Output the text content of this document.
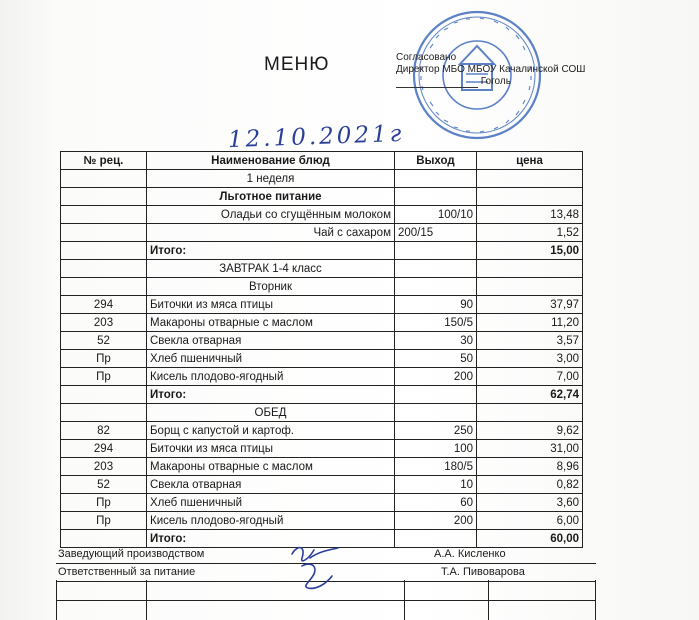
МЕНЮ	Согласовано
Директор МБО МБОУ Качалинской СОШ
Гоголь
12.10.2021г
№ рец.	Наименование блюд	Выход	цена
	1 неделя		
	Льготное питание		
	Оладьи со сгущённым молоком	100/10	13,48
	Чай с сахаром	200/15	1,52
	Итого:		15,00
	ЗАВТРАК 1-4 класс		
	Вторник		
294	Биточки из мяса птицы	90	37,97
203	Макароны отварные с маслом	150/5	11,20
52	Свекла отварная	30	3,57
Пр	Хлеб пшеничный	50	3,00
Пр	Кисель плодово-ягодный	200	7,00
	Итого:		62,74
	ОБЕД		
82	Борщ с капустой и картоф.	250	9,62
294	Биточки из мяса птицы	100	31,00
203	Макароны отварные с маслом	180/5	8,96
52	Свекла отварная	10	0,82
Пр	Хлеб пшеничный	60	3,60
Пр	Кисель плодово-ягодный	200	6,00
	Итого:		60,00
Заведующий производством	А.А. Кисленко
Ответственный за питание	Т.А. Пивоварова
